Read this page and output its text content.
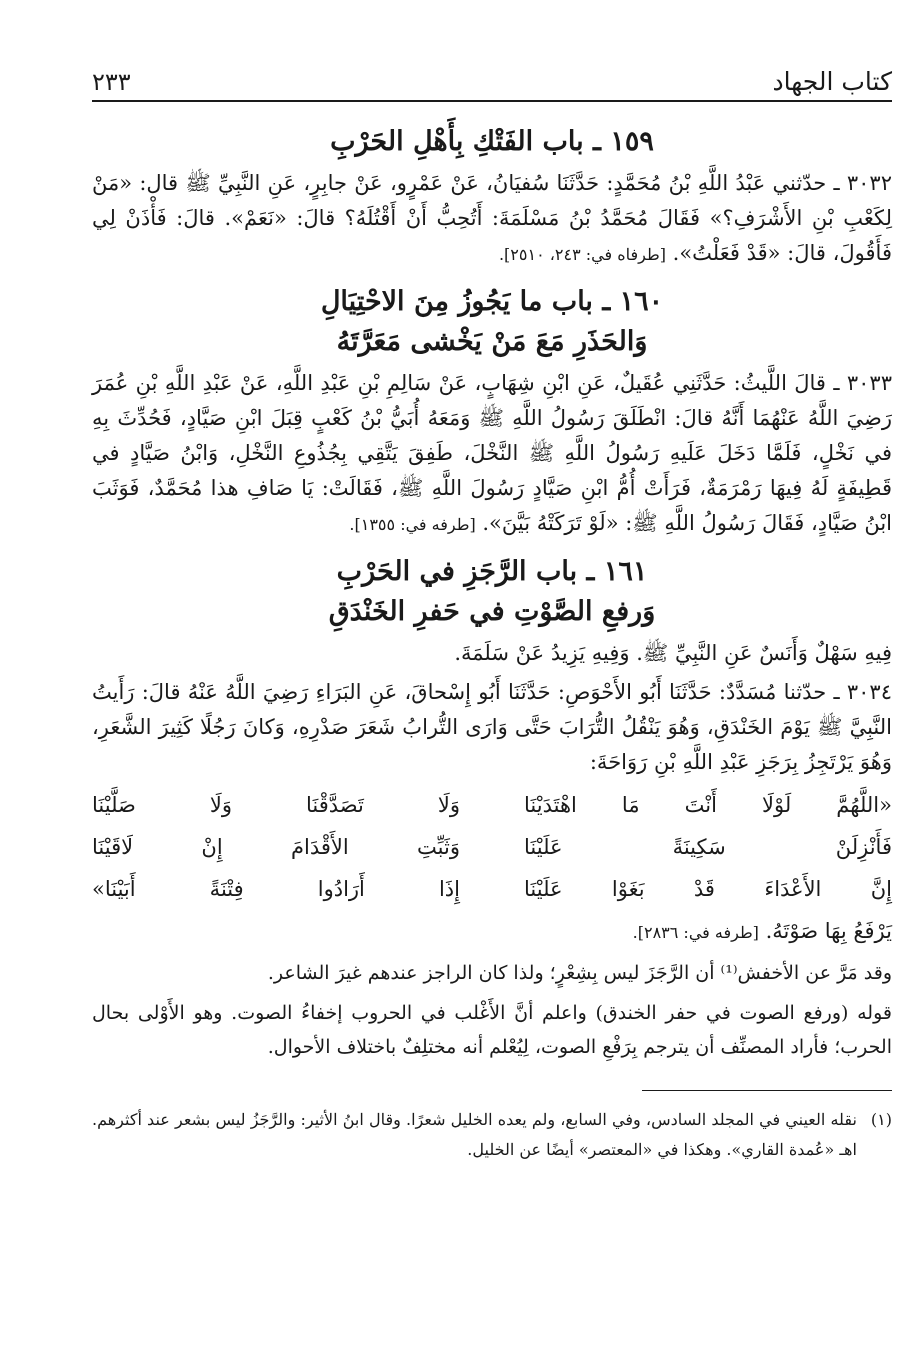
كتاب الجهاد
٢٣٣
١٥٩ ـ باب الفَتْكِ بِأَهْلِ الحَرْبِ

٣٠٣٢ ـ حدّثني عَبْدُ اللَّهِ بْنُ مُحَمَّدٍ: حَدَّثَنَا سُفيَانُ، عَنْ عَمْرٍو، عَنْ جابِرٍ، عَنِ النَّبِيِّ ﷺ قال: «مَنْ لِكَعْبِ بْنِ الأَشْرَفِ؟» فَقَالَ مُحَمَّدُ بْنُ مَسْلَمَةَ: أَتُحِبُّ أَنْ أَقْتُلَهُ؟ قالَ: «نَعَمْ». قالَ: فَأْذَنْ لِي فَأَقُولَ، قالَ: «قَدْ فَعَلْتُ». [طرفاه في: ٢٤٣، ٢٥١٠].

١٦٠ ـ باب ما يَجُوزُ مِنَ الاحْتِيَالِ
وَالحَذَرِ مَعَ مَنْ يَخْشى مَعَرَّتَهُ

٣٠٣٣ ـ قالَ اللَّيثُ: حَدَّثَنِي عُقَيلٌ، عَنِ ابْنِ شِهَابٍ، عَنْ سَالِمِ بْنِ عَبْدِ اللَّهِ، عَنْ عَبْدِ اللَّهِ بْنِ عُمَرَ رَضِيَ اللَّهُ عَنْهُمَا أَنَّهُ قالَ: انْطَلَقَ رَسُولُ اللَّهِ ﷺ وَمَعَهُ أُبَيُّ بْنُ كَعْبٍ قِبَلَ ابْنِ صَيَّادٍ، فَحُدِّثَ بِهِ في نَخْلٍ، فَلَمَّا دَخَلَ عَلَيهِ رَسُولُ اللَّهِ ﷺ النَّخْلَ، طَفِقَ يَتَّقِي بِجُذُوعِ النَّخْلِ، وَابْنُ صَيَّادٍ في قَطِيفَةٍ لَهُ فِيهَا رَمْرَمَةٌ، فَرَأَتْ أُمُّ ابْنِ صَيَّادٍ رَسُولَ اللَّهِ ﷺ، فَقَالَتْ: يَا صَافِ هذا مُحَمَّدٌ، فَوَثَبَ ابْنُ صَيَّادٍ، فَقَالَ رَسُولُ اللَّهِ ﷺ: «لَوْ تَرَكَتْهُ بَيَّنَ». [طرفه في: ١٣٥٥].

١٦١ ـ باب الرَّجَزِ في الحَرْبِ
وَرفعِ الصَّوْتِ في حَفرِ الخَنْدَقِ

فِيهِ سَهْلٌ وَأَنَسٌ عَنِ النَّبِيِّ ﷺ. وَفِيهِ يَزِيدُ عَنْ سَلَمَةَ.

٣٠٣٤ ـ حدّثنا مُسَدَّدٌ: حَدَّثَنَا أَبُو الأَحْوَصِ: حَدَّثَنَا أَبُو إِسْحاقَ، عَنِ البَرَاءِ رَضِيَ اللَّهُ عَنْهُ قالَ: رَأَيتُ النَّبِيَّ ﷺ يَوْمَ الخَنْدَقِ، وَهُوَ يَنْقُلُ التُّرَابَ حَتَّى وَارَى التُّرابُ شَعَرَ صَدْرِهِ، وَكانَ رَجُلًا كَثِيرَ الشَّعَرِ، وَهُوَ يَرْتَجِزُ بِرَجَزِ عَبْدِ اللَّهِ بْنِ رَوَاحَةَ:

«اللَّهُمَّ لَوْلَا أَنْتَ مَا اهْتَدَيْنَا
وَلَا تَصَدَّقْنَا وَلَا صَلَّيْنَا
فَأَنْزِلَنْ سَكِينَةً عَلَيْنَا
وَثَبِّتِ الأَقْدَامَ إِنْ لَاقَيْنَا
إِنَّ الأَعْدَاءَ قَدْ بَغَوْا عَلَيْنَا
إِذَا أَرَادُوا فِتْنَةً أَبَيْنَا»

يَرْفَعُ بِهَا صَوْتَهُ. [طرفه في: ٢٨٣٦].

وقد مَرَّ عن الأخفش⁽¹⁾ أن الرَّجَزَ ليس بِشِعْرٍ؛ ولذا كان الراجز عندهم غيرَ الشاعر.

قوله (ورفع الصوت في حفر الخندق) واعلم أنَّ الأَغْلب في الحروب إخفاءُ الصوت. وهو الأَوْلى بحال الحرب؛ فأراد المصنِّف أن يترجم بِرَفْعِ الصوت، لِيُعْلم أنه مختلِفٌ باختلاف الأحوال.

(١)
نقله العيني في المجلد السادس، وفي السابع، ولم يعده الخليل شعرًا. وقال ابنُ الأثير: والرَّجَزُ ليس بشعر عند أكثرهم. اهـ «عُمدة القاري». وهكذا في «المعتصر» أيضًا عن الخليل.
